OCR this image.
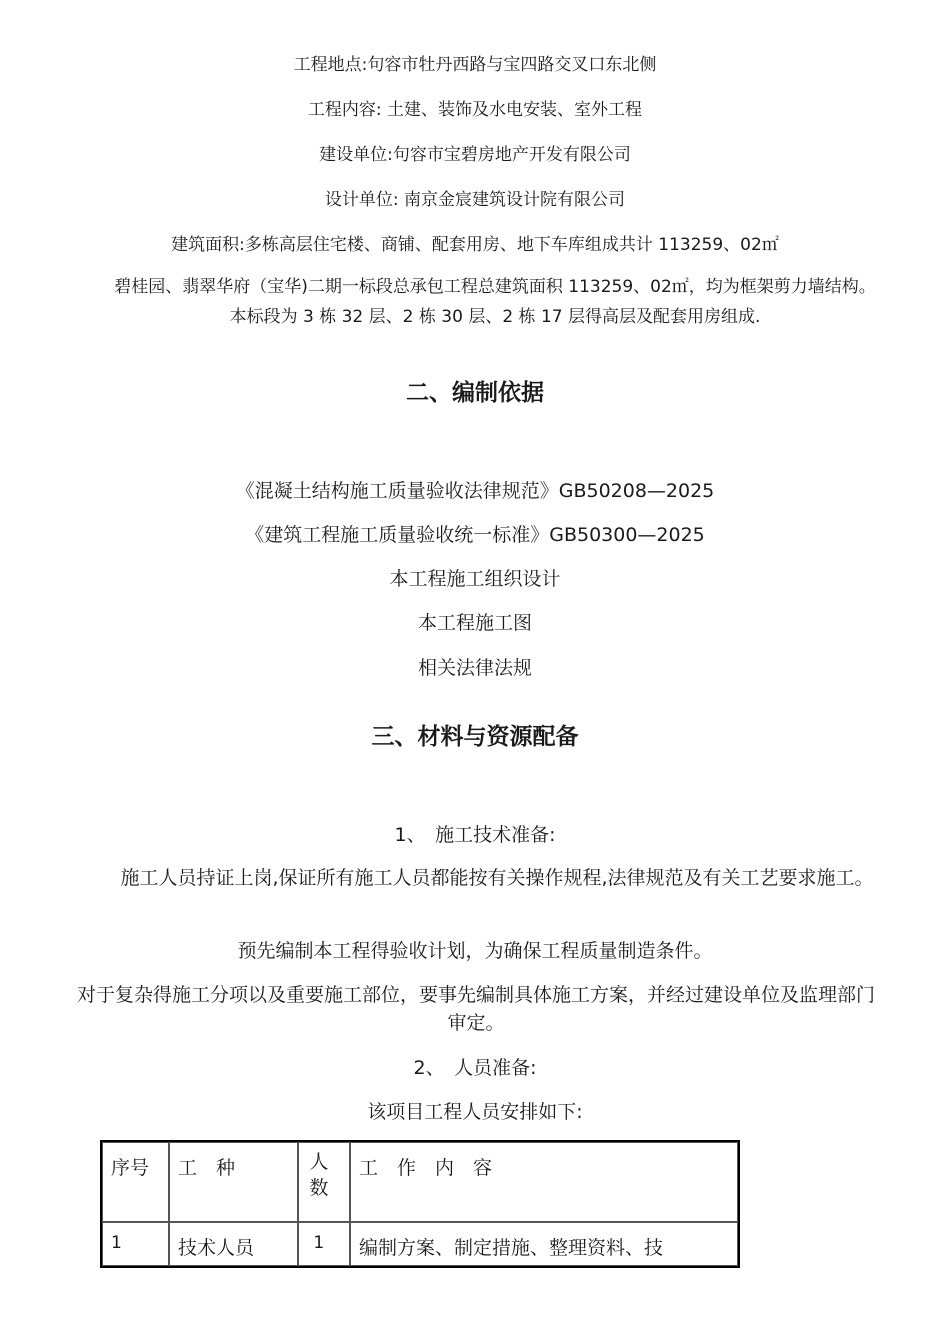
工程地点:句容市牡丹西路与宝四路交叉口东北侧
工程内容: 土建、装饰及水电安装、室外工程
建设单位:句容市宝碧房地产开发有限公司
设计单位: 南京金宸建筑设计院有限公司
建筑面积:多栋高层住宅楼、商铺、配套用房、地下车库组成共计 113259、02㎡
碧桂园、翡翠华府（宝华)二期一标段总承包工程总建筑面积 113259、02㎡，均为框架剪力墙结构。本标段为 3 栋 32 层、2 栋 30 层、2 栋 17 层得高层及配套用房组成.
二、编制依据
《混凝土结构施工质量验收法律规范》GB50208—2025
《建筑工程施工质量验收统一标准》GB50300—2025
本工程施工组织设计
本工程施工图
相关法律法规
三、材料与资源配备
1、　施工技术准备:
施工人员持证上岗,保证所有施工人员都能按有关操作规程,法律规范及有关工艺要求施工。
预先编制本工程得验收计划，为确保工程质量制造条件。
对于复杂得施工分项以及重要施工部位，要事先编制具体施工方案，并经过建设单位及监理部门审定。
2、　人员准备:
该项目工程人员安排如下:
序号	工　种	人数	工　作　内　容

1	技术人员	1	编制方案、制定措施、整理资料、技
